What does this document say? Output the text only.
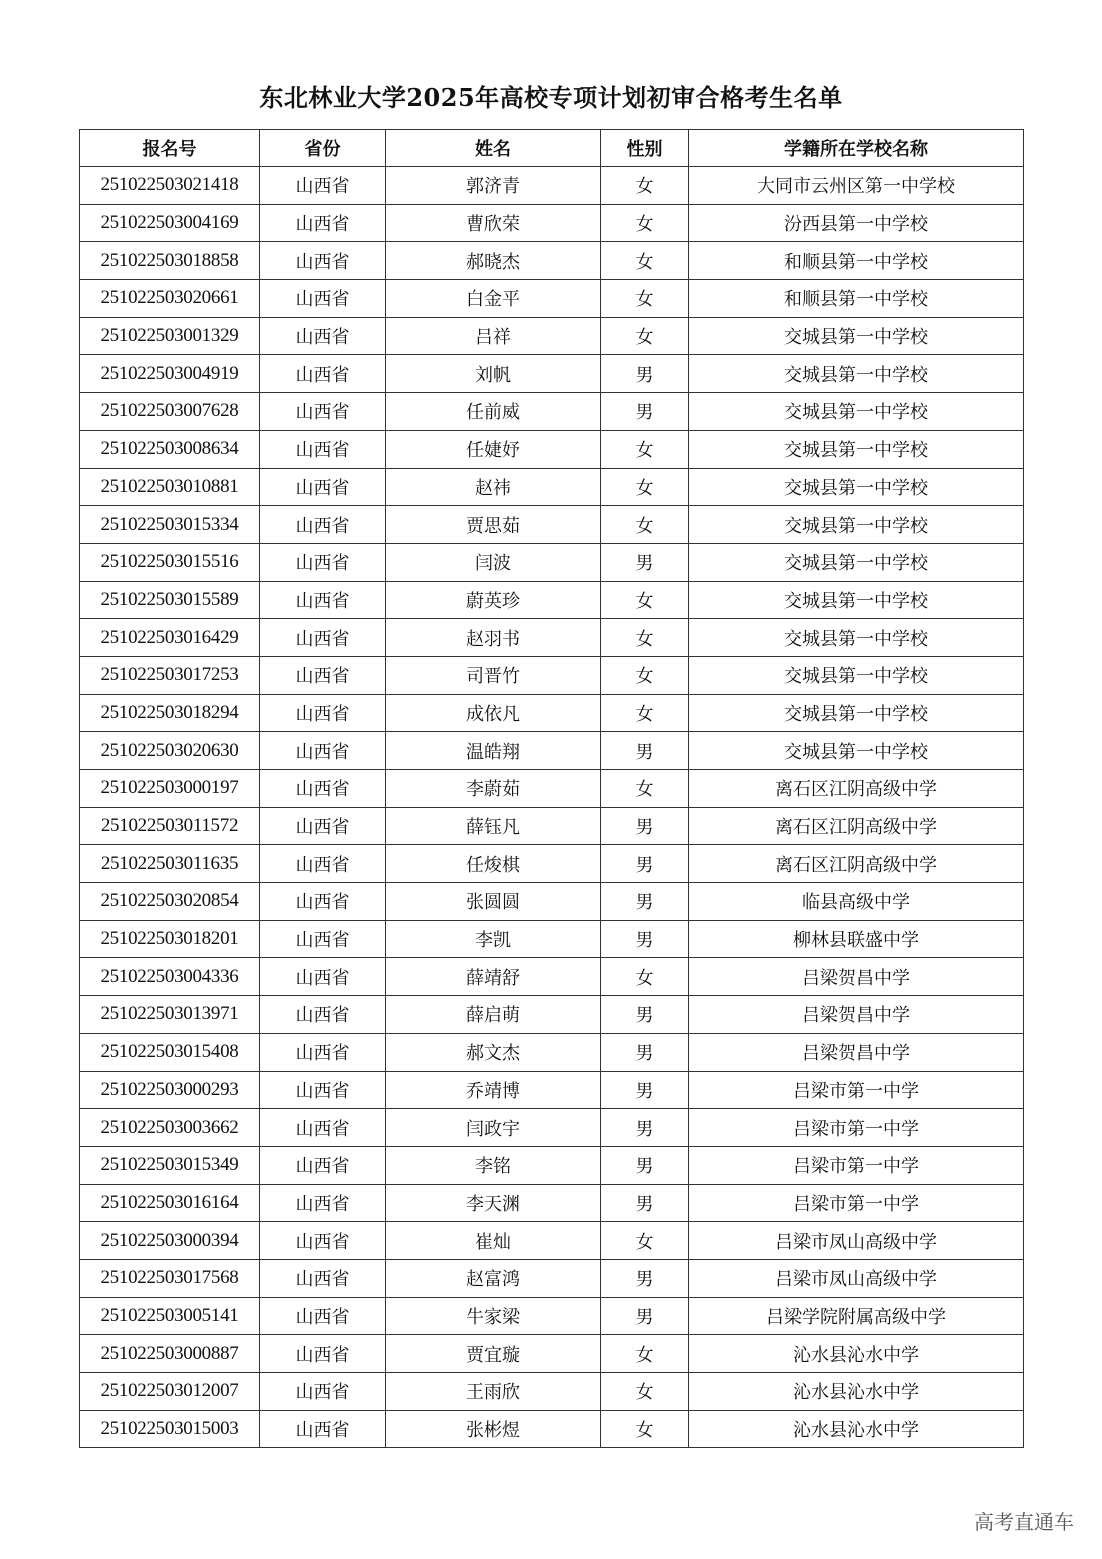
东北林业大学2025年高校专项计划初审合格考生名单
报名号	省份	姓名	性别	学籍所在学校名称
251022503021418	山西省	郭济青	女	大同市云州区第一中学校
251022503004169	山西省	曹欣荣	女	汾西县第一中学校
251022503018858	山西省	郝晓杰	女	和顺县第一中学校
251022503020661	山西省	白金平	女	和顺县第一中学校
251022503001329	山西省	吕祥	女	交城县第一中学校
251022503004919	山西省	刘帆	男	交城县第一中学校
251022503007628	山西省	任前威	男	交城县第一中学校
251022503008634	山西省	任婕妤	女	交城县第一中学校
251022503010881	山西省	赵祎	女	交城县第一中学校
251022503015334	山西省	贾思茹	女	交城县第一中学校
251022503015516	山西省	闫波	男	交城县第一中学校
251022503015589	山西省	蔚英珍	女	交城县第一中学校
251022503016429	山西省	赵羽书	女	交城县第一中学校
251022503017253	山西省	司晋竹	女	交城县第一中学校
251022503018294	山西省	成依凡	女	交城县第一中学校
251022503020630	山西省	温皓翔	男	交城县第一中学校
251022503000197	山西省	李蔚茹	女	离石区江阴高级中学
251022503011572	山西省	薛钰凡	男	离石区江阴高级中学
251022503011635	山西省	任焌棋	男	离石区江阴高级中学
251022503020854	山西省	张圆圆	男	临县高级中学
251022503018201	山西省	李凯	男	柳林县联盛中学
251022503004336	山西省	薛靖舒	女	吕梁贺昌中学
251022503013971	山西省	薛启萌	男	吕梁贺昌中学
251022503015408	山西省	郝文杰	男	吕梁贺昌中学
251022503000293	山西省	乔靖博	男	吕梁市第一中学
251022503003662	山西省	闫政宇	男	吕梁市第一中学
251022503015349	山西省	李铭	男	吕梁市第一中学
251022503016164	山西省	李天渊	男	吕梁市第一中学
251022503000394	山西省	崔灿	女	吕梁市凤山高级中学
251022503017568	山西省	赵富鸿	男	吕梁市凤山高级中学
251022503005141	山西省	牛家梁	男	吕梁学院附属高级中学
251022503000887	山西省	贾宜璇	女	沁水县沁水中学
251022503012007	山西省	王雨欣	女	沁水县沁水中学
251022503015003	山西省	张彬煜	女	沁水县沁水中学
高考直通车
